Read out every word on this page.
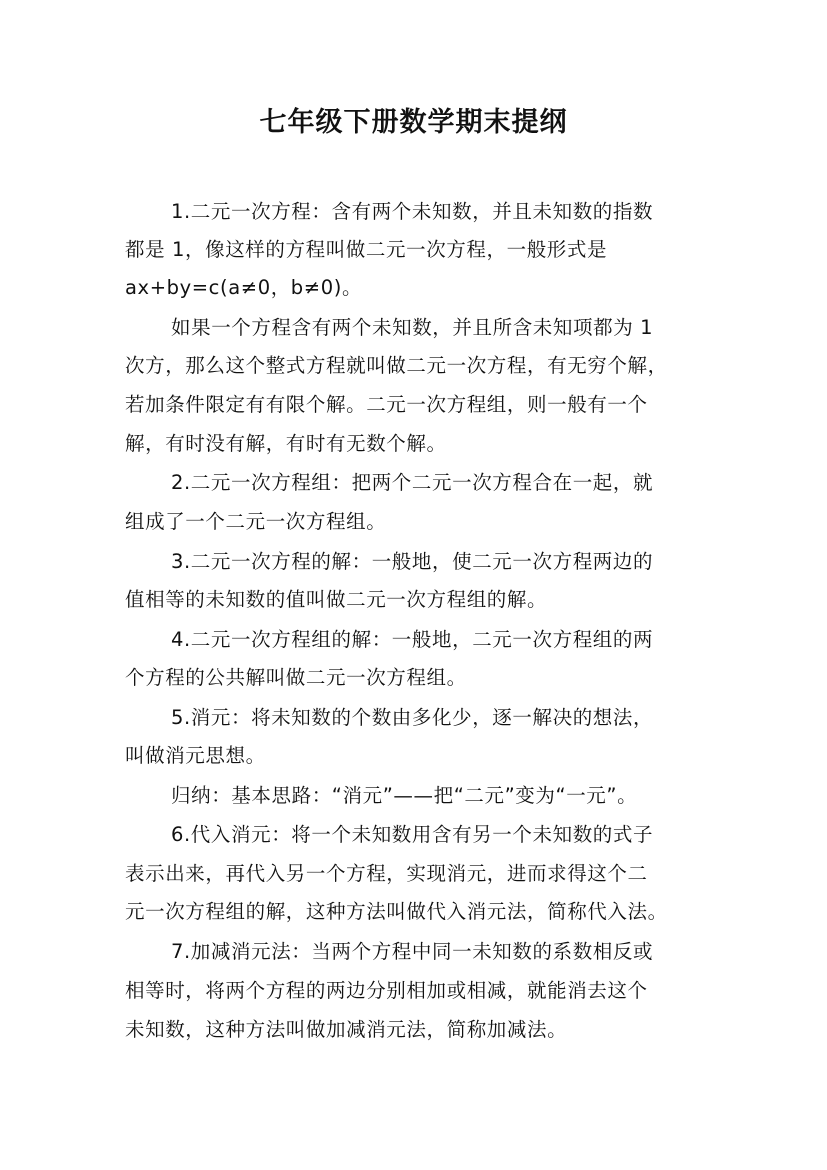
七年级下册数学期末提纲
1.二元一次方程：含有两个未知数，并且未知数的指数
都是 1，像这样的方程叫做二元一次方程，一般形式是
ax+by=c(a≠0，b≠0)。
如果一个方程含有两个未知数，并且所含未知项都为 1
次方，那么这个整式方程就叫做二元一次方程，有无穷个解，
若加条件限定有有限个解。二元一次方程组，则一般有一个
解，有时没有解，有时有无数个解。
2.二元一次方程组：把两个二元一次方程合在一起，就
组成了一个二元一次方程组。
3.二元一次方程的解：一般地，使二元一次方程两边的
值相等的未知数的值叫做二元一次方程组的解。
4.二元一次方程组的解：一般地，二元一次方程组的两
个方程的公共解叫做二元一次方程组。
5.消元：将未知数的个数由多化少，逐一解决的想法，
叫做消元思想。
归纳：基本思路：“消元”——把“二元”变为“一元”。
6.代入消元：将一个未知数用含有另一个未知数的式子
表示出来，再代入另一个方程，实现消元，进而求得这个二
元一次方程组的解，这种方法叫做代入消元法，简称代入法。
7.加减消元法：当两个方程中同一未知数的系数相反或
相等时，将两个方程的两边分别相加或相减，就能消去这个
未知数，这种方法叫做加减消元法，简称加减法。
